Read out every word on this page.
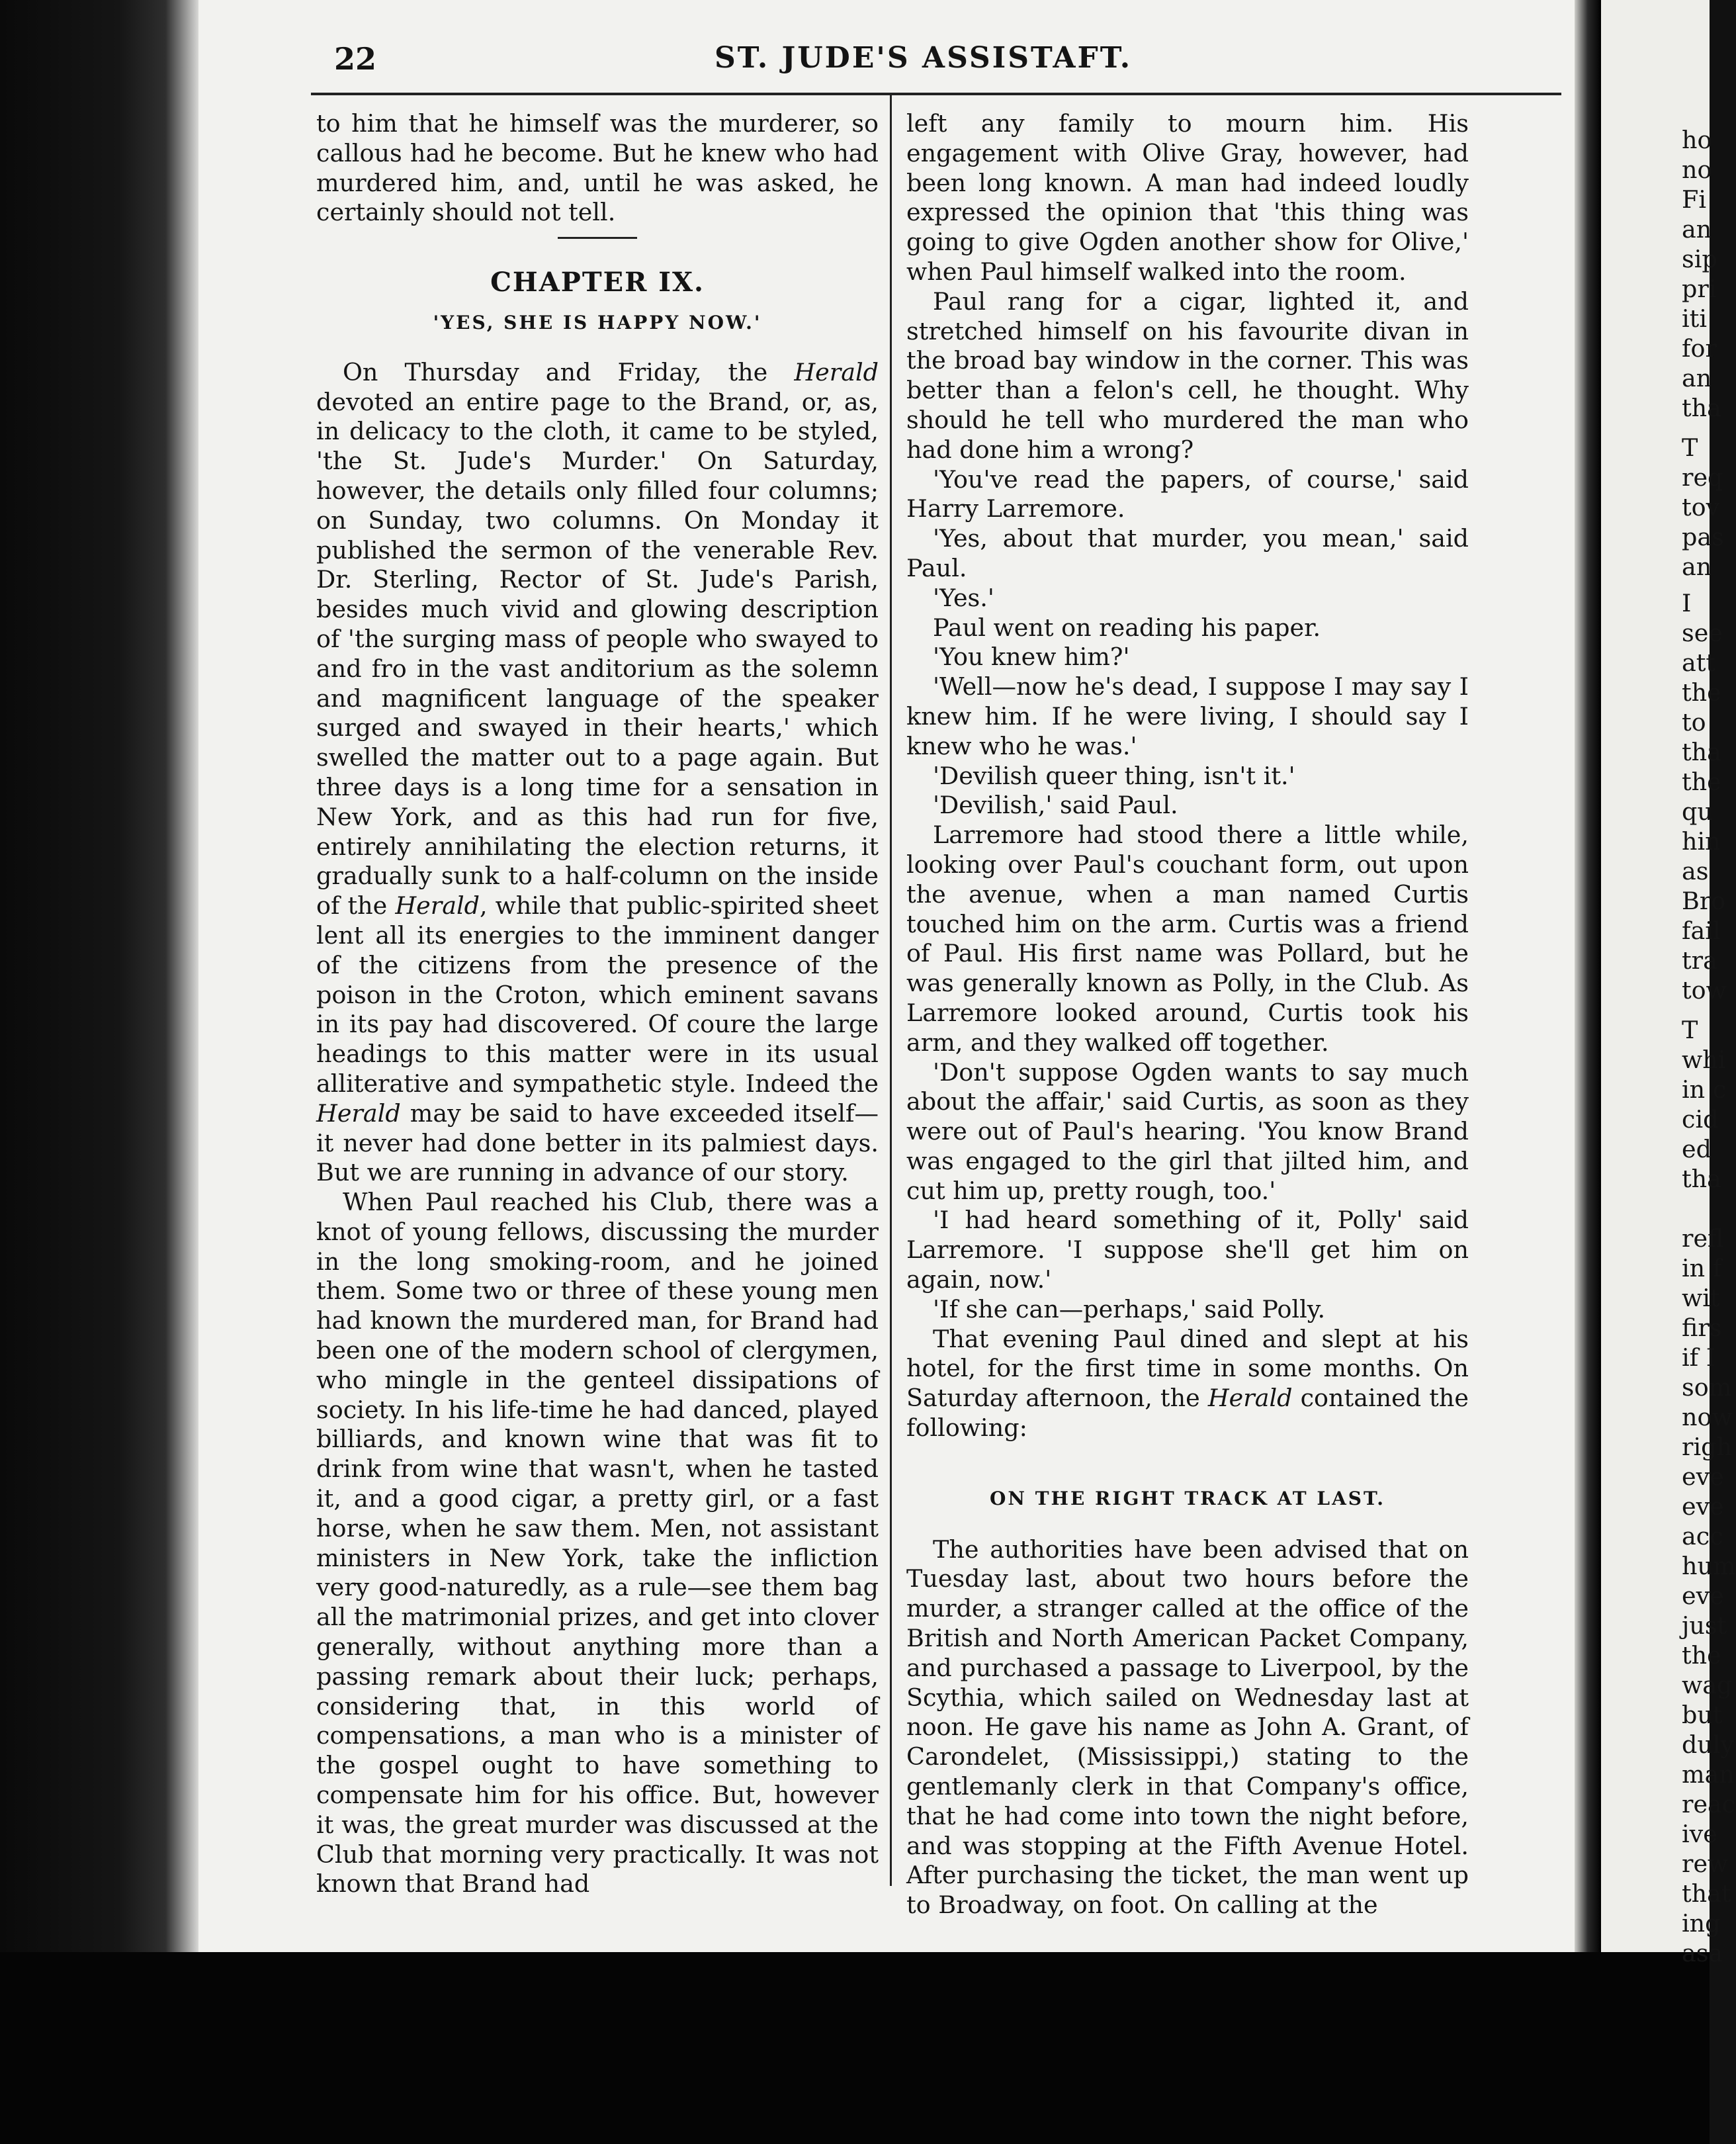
22	ST. JUDE'S ASSISTAFT.

to him that he himself was the murderer, so callous had he become. But he knew who had murdered him, and, until he was asked, he certainly should not tell.

CHAPTER IX.
'YES, SHE IS HAPPY NOW.'

On Thursday and Friday, the Herald devoted an entire page to the Brand, or, as, in delicacy to the cloth, it came to be styled, 'the St. Jude's Murder.' On Saturday, however, the details only filled four columns; on Sunday, two columns. On Monday it published the sermon of the venerable Rev. Dr. Sterling, Rector of St. Jude's Parish, besides much vivid and glowing description of 'the surging mass of people who swayed to and fro in the vast anditorium as the solemn and magnificent language of the speaker surged and swayed in their hearts,' which swelled the matter out to a page again. But three days is a long time for a sensation in New York, and as this had run for five, entirely annihilating the election returns, it gradually sunk to a half-column on the inside of the Herald, while that public-spirited sheet lent all its energies to the imminent danger of the citizens from the presence of the poison in the Croton, which eminent savans in its pay had discovered. Of coure the large headings to this matter were in its usual alliterative and sympathetic style. Indeed the Herald may be said to have exceeded itself—it never had done better in its palmiest days. But we are running in advance of our story.

When Paul reached his Club, there was a knot of young fellows, discussing the murder in the long smoking-room, and he joined them. Some two or three of these young men had known the murdered man, for Brand had been one of the modern school of clergymen, who mingle in the genteel dissipations of society. In his life-time he had danced, played billiards, and known wine that was fit to drink from wine that wasn't, when he tasted it, and a good cigar, a pretty girl, or a fast horse, when he saw them. Men, not assistant ministers in New York, take the infliction very good-naturedly, as a rule—see them bag all the matrimonial prizes, and get into clover generally, without anything more than a passing remark about their luck; perhaps, considering that, in this world of compensations, a man who is a minister of the gospel ought to have something to compensate him for his office. But, however it was, the great murder was discussed at the Club that morning very practically. It was not known that Brand had

left any family to mourn him. His engagement with Olive Gray, however, had been long known. A man had indeed loudly expressed the opinion that 'this thing was going to give Ogden another show for Olive,' when Paul himself walked into the room.

Paul rang for a cigar, lighted it, and stretched himself on his favourite divan in the broad bay window in the corner. This was better than a felon's cell, he thought. Why should he tell who murdered the man who had done him a wrong?

'You've read the papers, of course,' said Harry Larremore.

'Yes, about that murder, you mean,' said Paul.

'Yes.'

Paul went on reading his paper.

'You knew him?'

'Well—now he's dead, I suppose I may say I knew him. If he were living, I should say I knew who he was.'

'Devilish queer thing, isn't it.'

'Devilish,' said Paul.

Larremore had stood there a little while, looking over Paul's couchant form, out upon the avenue, when a man named Curtis touched him on the arm. Curtis was a friend of Paul. His first name was Pollard, but he was generally known as Polly, in the Club. As Larremore looked around, Curtis took his arm, and they walked off together.

'Don't suppose Ogden wants to say much about the affair,' said Curtis, as soon as they were out of Paul's hearing. 'You know Brand was engaged to the girl that jilted him, and cut him up, pretty rough, too.'

'I had heard something of it, Polly' said Larremore. 'I suppose she'll get him on again, now.'

'If she can—perhaps,' said Polly.

That evening Paul dined and slept at his hotel, for the first time in some months. On Saturday afternoon, the Herald contained the following:

ON THE RIGHT TRACK AT LAST.

The authorities have been advised that on Tuesday last, about two hours before the murder, a stranger called at the office of the British and North American Packet Company, and purchased a passage to Liverpool, by the Scythia, which sailed on Wednesday last at noon. He gave his name as John A. Grant, of Carondelet, (Mississippi,) stating to the gentlemanly clerk in that Company's office, that he had come into town the night before, and was stopping at the Fifth Avenue Hotel. After purchasing the ticket, the man went up to Broadway, on foot. On calling at the

ho
no
Fi
an
sip
pri
iti
for
an
tha
T
req
tov
pas
an
I
see
att
the
to
tha
the
qu
hin
as
Bro
fail
tra
tow
T
whi
in c
cid
ed
tha
refl
in f
wit
firs
if I
som
now
righ
eve
eve
acc
hum
eve
just
the
wag
but
duly
man
reac
ive
rew
that
ing
asa
